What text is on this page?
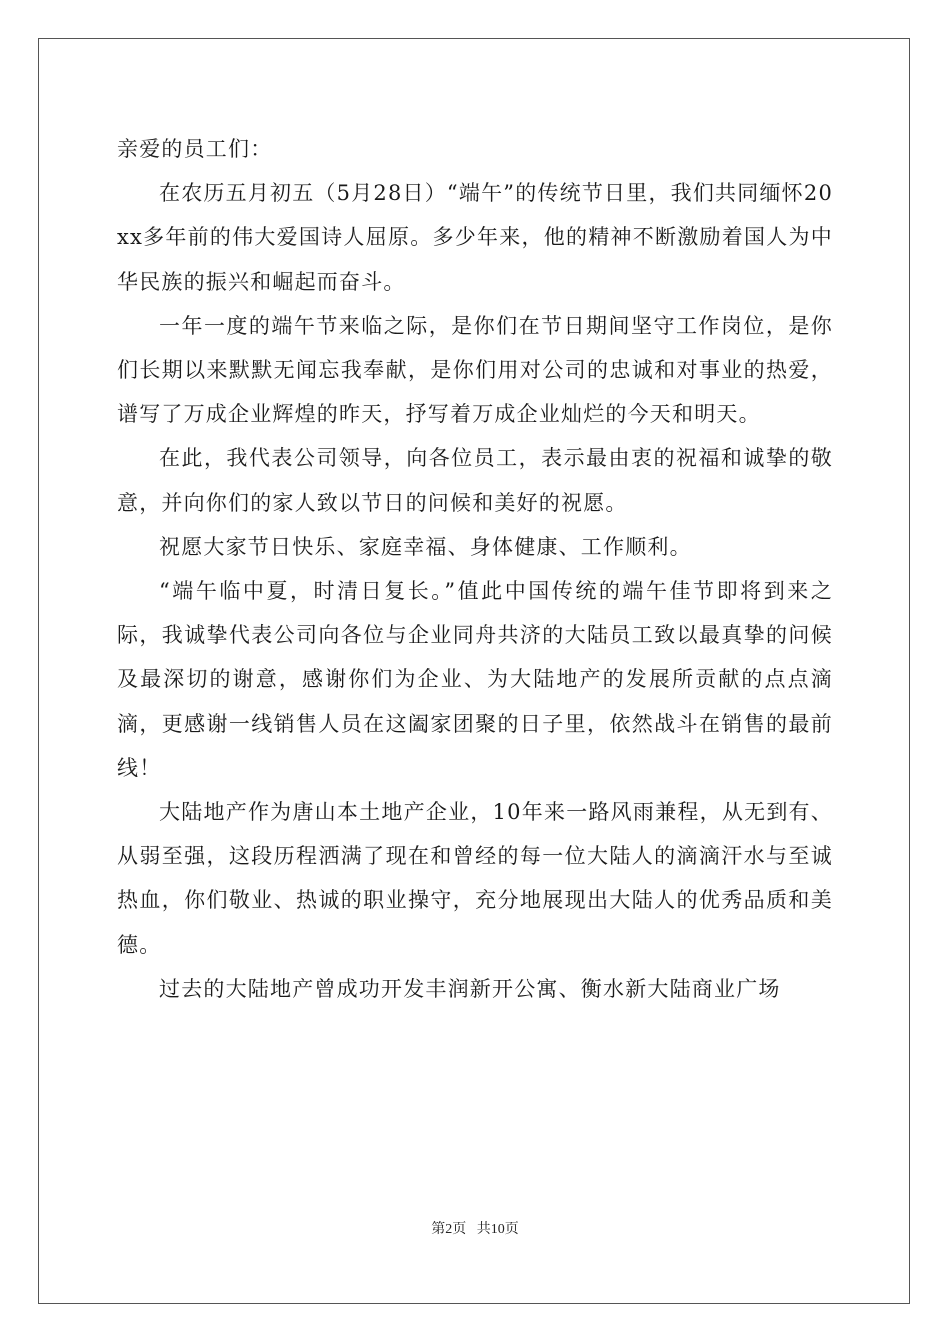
亲爱的员工们：

在农历五月初五（5月28日）“端午”的传统节日里，我们共同缅怀20xx多年前的伟大爱国诗人屈原。多少年来，他的精神不断激励着国人为中华民族的振兴和崛起而奋斗。

一年一度的端午节来临之际，是你们在节日期间坚守工作岗位，是你们长期以来默默无闻忘我奉献，是你们用对公司的忠诚和对事业的热爱，谱写了万成企业辉煌的昨天，抒写着万成企业灿烂的今天和明天。

在此，我代表公司领导，向各位员工，表示最由衷的祝福和诚挚的敬意，并向你们的家人致以节日的问候和美好的祝愿。

祝愿大家节日快乐、家庭幸福、身体健康、工作顺利。

“端午临中夏，时清日复长。”值此中国传统的端午佳节即将到来之际，我诚挚代表公司向各位与企业同舟共济的大陆员工致以最真挚的问候及最深切的谢意，感谢你们为企业、为大陆地产的发展所贡献的点点滴滴，更感谢一线销售人员在这阖家团聚的日子里，依然战斗在销售的最前线！

大陆地产作为唐山本土地产企业，10年来一路风雨兼程，从无到有、从弱至强，这段历程洒满了现在和曾经的每一位大陆人的滴滴汗水与至诚热血，你们敬业、热诚的职业操守，充分地展现出大陆人的优秀品质和美德。

过去的大陆地产曾成功开发丰润新开公寓、衡水新大陆商业广场

第2页 共10页
